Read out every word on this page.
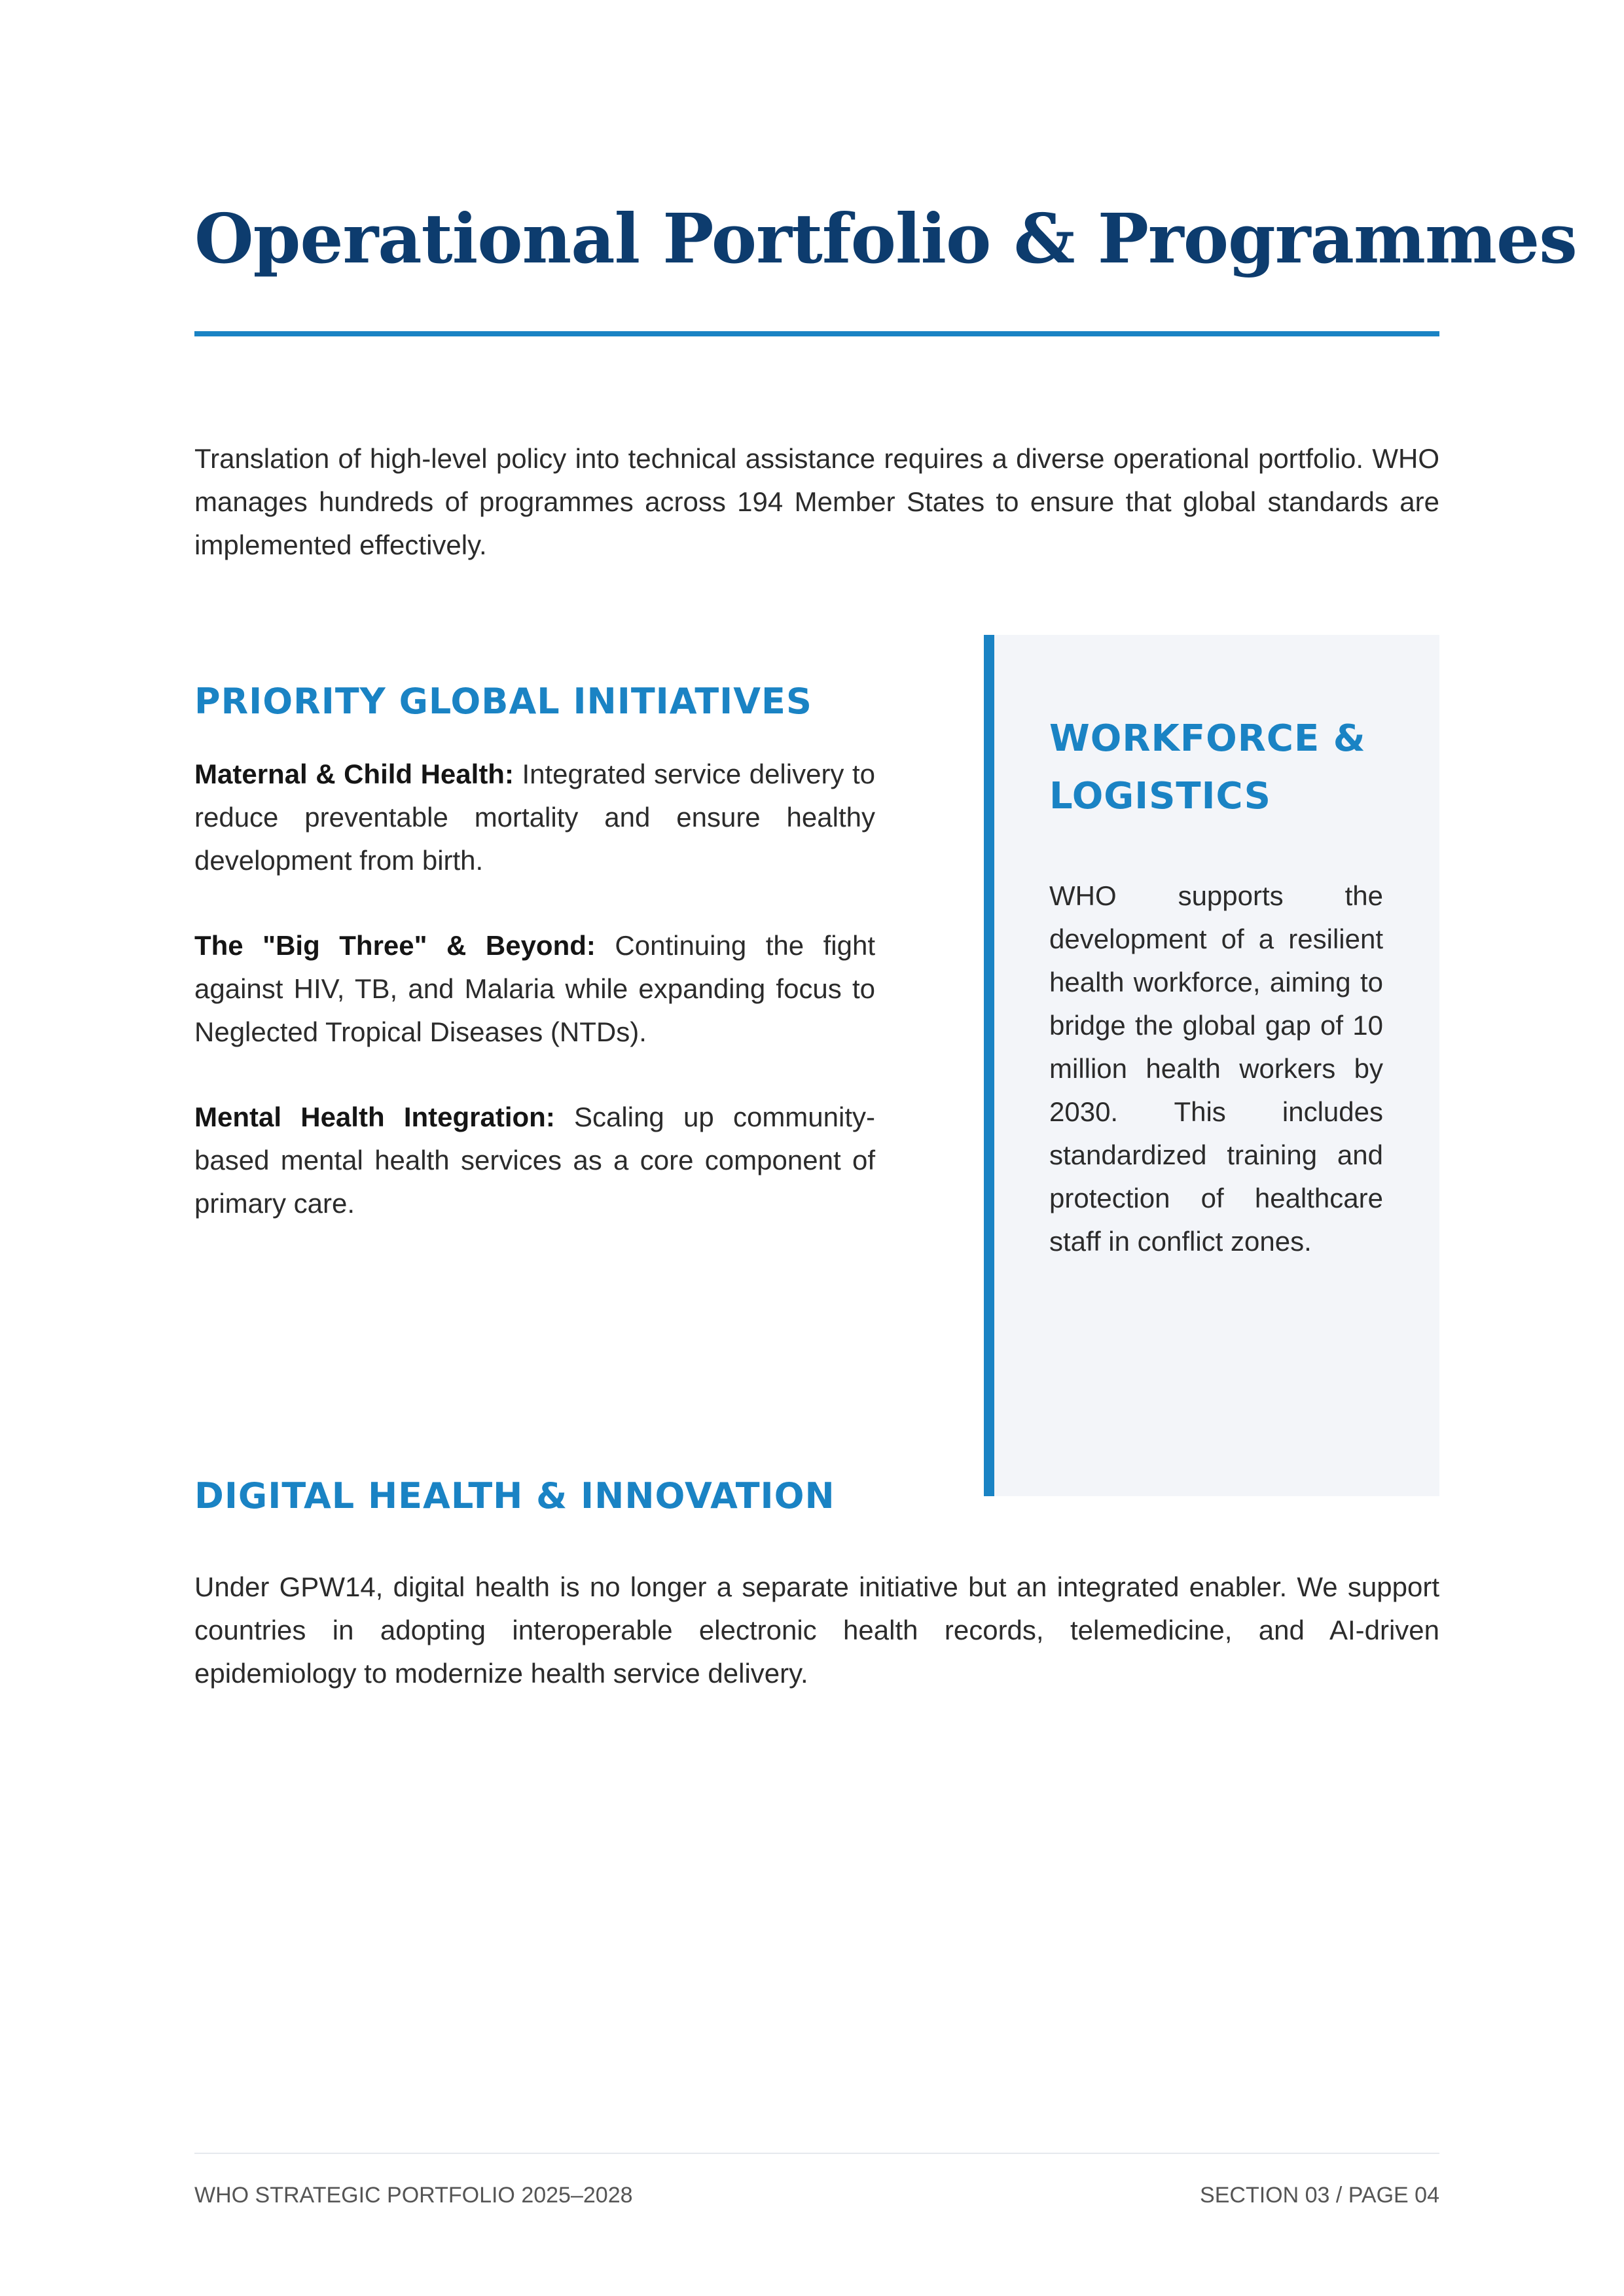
Operational Portfolio & Programmes

Translation of high-level policy into technical assistance requires a diverse operational portfolio. WHO manages hundreds of programmes across 194 Member States to ensure that global standards are implemented effectively.

PRIORITY GLOBAL INITIATIVES

Maternal & Child Health: Integrated service delivery to reduce preventable mortality and ensure healthy development from birth.

The "Big Three" & Beyond: Continuing the fight against HIV, TB, and Malaria while expanding focus to Neglected Tropical Diseases (NTDs).

Mental Health Integration: Scaling up community-based mental health services as a core component of primary care.

WORKFORCE & LOGISTICS

WHO supports the development of a resilient health workforce, aiming to bridge the global gap of 10 million health workers by 2030. This includes standardized training and protection of healthcare staff in conflict zones.

DIGITAL HEALTH & INNOVATION

Under GPW14, digital health is no longer a separate initiative but an integrated enabler. We support countries in adopting interoperable electronic health records, telemedicine, and AI-driven epidemiology to modernize health service delivery.

WHO STRATEGIC PORTFOLIO 2025–2028	SECTION 03 / PAGE 04
